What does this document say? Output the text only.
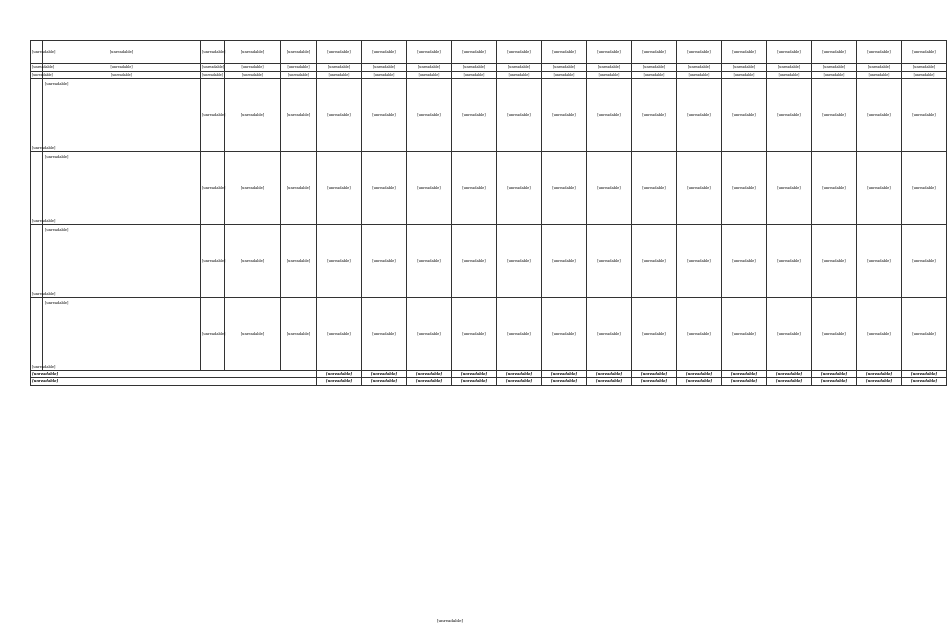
[unreadable]	[unreadable]	[unreadable]	[unreadable]	[unreadable]	[unreadable]	[unreadable]	[unreadable]	[unreadable]	[unreadable]	[unreadable]	[unreadable]	[unreadable]	[unreadable]	[unreadable]	[unreadable]	[unreadable]	[unreadable]	[unreadable]
[unreadable]	[unreadable]	[unreadable]	[unreadable]	[unreadable]	[unreadable]	[unreadable]	[unreadable]	[unreadable]	[unreadable]	[unreadable]	[unreadable]	[unreadable]	[unreadable]	[unreadable]	[unreadable]	[unreadable]	[unreadable]	[unreadable]
[unreadable]	[unreadable]	[unreadable]	[unreadable]	[unreadable]	[unreadable]	[unreadable]	[unreadable]	[unreadable]	[unreadable]	[unreadable]	[unreadable]	[unreadable]	[unreadable]	[unreadable]	[unreadable]	[unreadable]	[unreadable]	[unreadable]
[unreadable]	[unreadable]	[unreadable]	[unreadable]	[unreadable]	[unreadable]	[unreadable]	[unreadable]	[unreadable]	[unreadable]	[unreadable]	[unreadable]	[unreadable]	[unreadable]	[unreadable]	[unreadable]	[unreadable]	[unreadable]	[unreadable]
[unreadable]	[unreadable]	[unreadable]	[unreadable]	[unreadable]	[unreadable]	[unreadable]	[unreadable]	[unreadable]	[unreadable]	[unreadable]	[unreadable]	[unreadable]	[unreadable]	[unreadable]	[unreadable]	[unreadable]	[unreadable]	[unreadable]
[unreadable]	[unreadable]	[unreadable]	[unreadable]	[unreadable]	[unreadable]	[unreadable]	[unreadable]	[unreadable]	[unreadable]	[unreadable]	[unreadable]	[unreadable]	[unreadable]	[unreadable]	[unreadable]	[unreadable]	[unreadable]	[unreadable]
[unreadable]	[unreadable]	[unreadable]	[unreadable]	[unreadable]	[unreadable]	[unreadable]	[unreadable]	[unreadable]	[unreadable]	[unreadable]	[unreadable]	[unreadable]	[unreadable]	[unreadable]	[unreadable]	[unreadable]	[unreadable]	[unreadable]
[unreadable]					[unreadable]	[unreadable]	[unreadable]	[unreadable]	[unreadable]	[unreadable]	[unreadable]	[unreadable]	[unreadable]	[unreadable]	[unreadable]	[unreadable]	[unreadable]	[unreadable]
[unreadable]					[unreadable]	[unreadable]	[unreadable]	[unreadable]	[unreadable]	[unreadable]	[unreadable]	[unreadable]	[unreadable]	[unreadable]	[unreadable]	[unreadable]	[unreadable]	[unreadable]
[unreadable]
